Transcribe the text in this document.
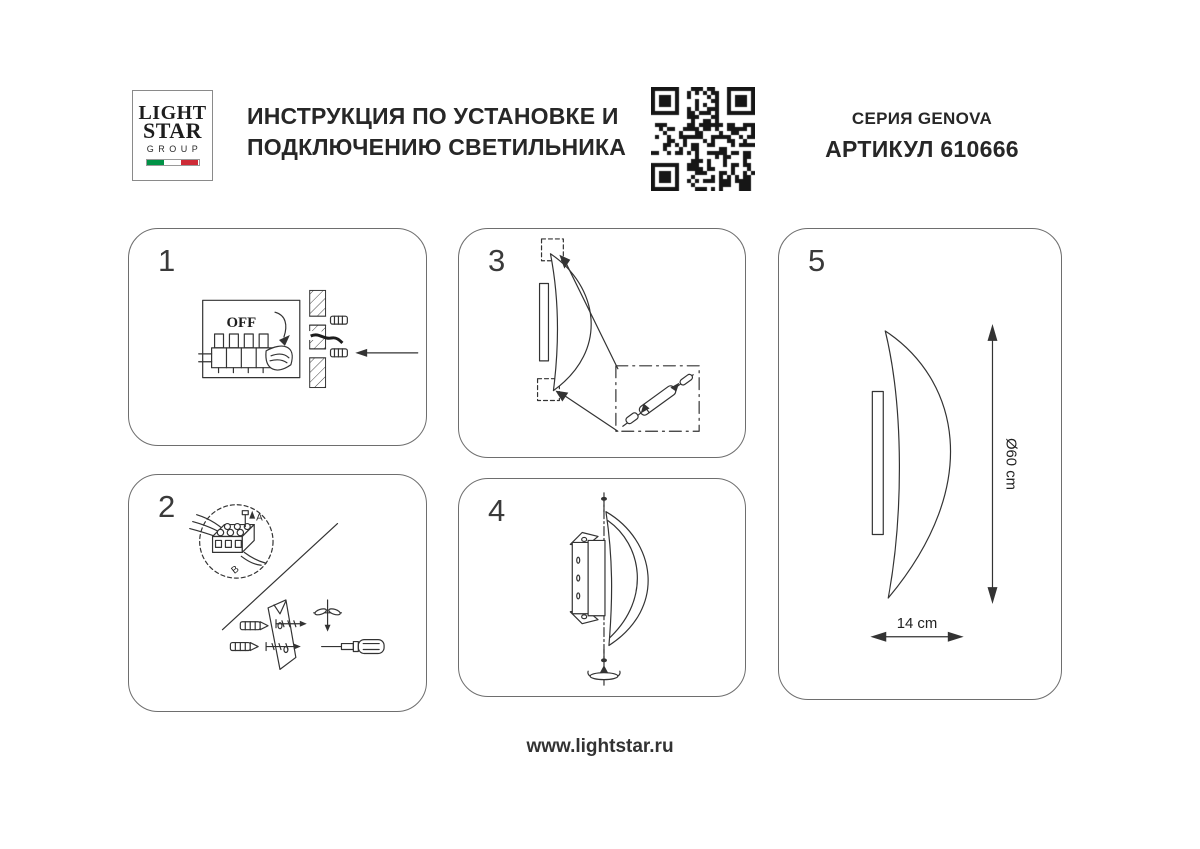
LIGHT
STAR
GROUP
ИНСТРУКЦИЯ ПО УСТАНОВКЕ И
ПОДКЛЮЧЕНИЮ СВЕТИЛЬНИКА
СЕРИЯ GENOVA
АРТИКУЛ 610666
1
OFF
2	A
B
3
4
5
Ø60 cm
14 cm
www.lightstar.ru
